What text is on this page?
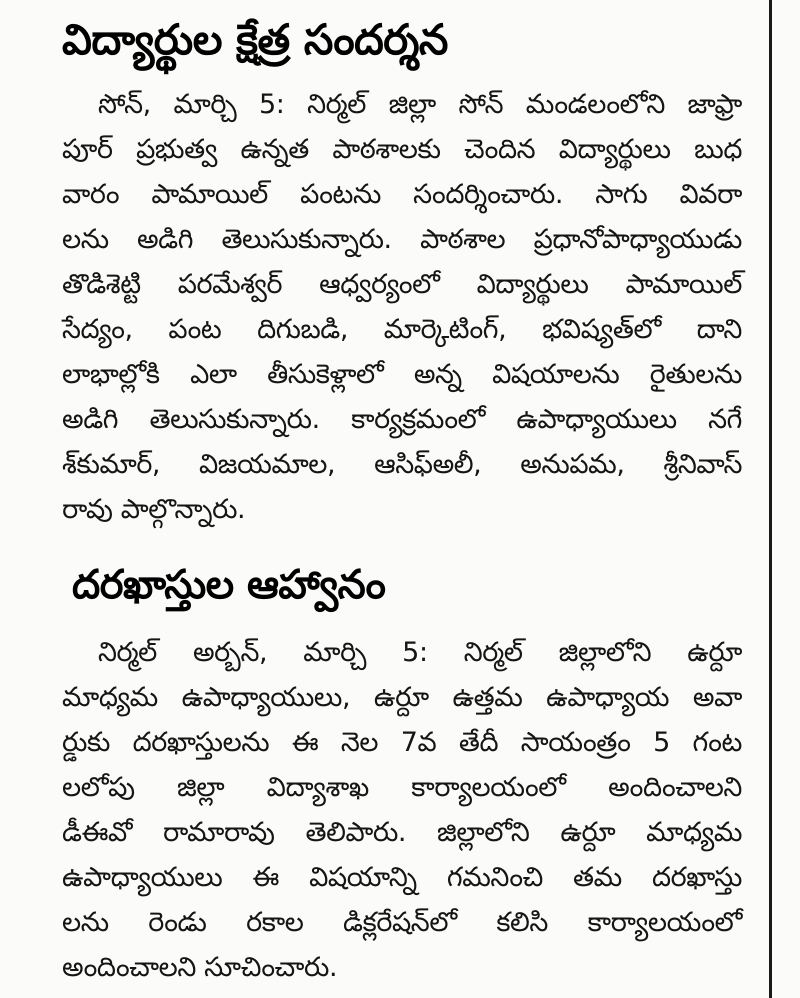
విద్యార్థుల క్షేత్ర సందర్శన
సోన్, మార్చి 5: నిర్మల్ జిల్లా సోన్ మండలంలోని జాఫ్రా
పూర్ ప్రభుత్వ ఉన్నత పాఠశాలకు చెందిన విద్యార్థులు బుధ
వారం పామాయిల్ పంటను సందర్శించారు. సాగు వివరా
లను అడిగి తెలుసుకున్నారు. పాఠశాల ప్రధానోపాధ్యాయుడు
తొడిశెట్టి పరమేశ్వర్ ఆధ్వర్యంలో విద్యార్థులు పామాయిల్
సేద్యం, పంట దిగుబడి, మార్కెటింగ్, భవిష్యత్‌లో దాని
లాభాల్లోకి ఎలా తీసుకెళ్లాలో అన్న విషయాలను రైతులను
అడిగి తెలుసుకున్నారు. కార్యక్రమంలో ఉపాధ్యాయులు నగే
శ్‌కుమార్, విజయమాల, ఆసిఫ్‌అలీ, అనుపమ, శ్రీనివాస్
రావు పాల్గొన్నారు.
దరఖాస్తుల ఆహ్వానం
నిర్మల్ అర్బన్, మార్చి 5: నిర్మల్ జిల్లాలోని ఉర్దూ
మాధ్యమ ఉపాధ్యాయులు, ఉర్దూ ఉత్తమ ఉపాధ్యాయ అవా
ర్డుకు దరఖాస్తులను ఈ నెల 7వ తేదీ సాయంత్రం 5 గంట
లలోపు జిల్లా విద్యాశాఖ కార్యాలయంలో అందించాలని
డీఈవో రామారావు తెలిపారు. జిల్లాలోని ఉర్దూ మాధ్యమ
ఉపాధ్యాయులు ఈ విషయాన్ని గమనించి తమ దరఖాస్తు
లను రెండు రకాల డిక్లరేషన్‌లో కలిసి కార్యాలయంలో
అందించాలని సూచించారు.
